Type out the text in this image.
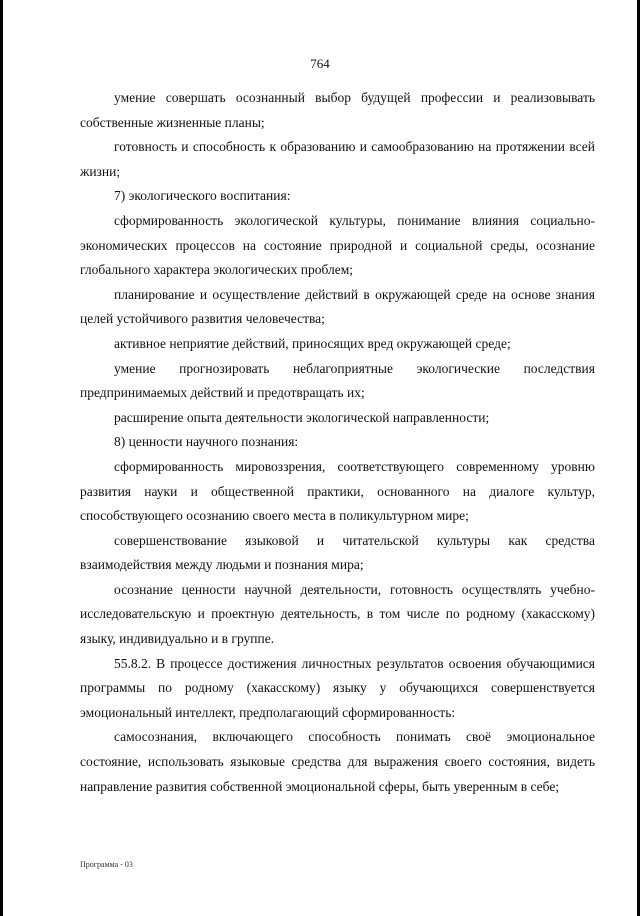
764

умение совершать осознанный выбор будущей профессии и реализовывать собственные жизненные планы;

готовность и способность к образованию и самообразованию на протяжении всей жизни;

7) экологического воспитания:

сформированность экологической культуры, понимание влияния социально-экономических процессов на состояние природной и социальной среды, осознание глобального характера экологических проблем;

планирование и осуществление действий в окружающей среде на основе знания целей устойчивого развития человечества;

активное неприятие действий, приносящих вред окружающей среде;

умение прогнозировать неблагоприятные экологические последствия предпринимаемых действий и предотвращать их;

расширение опыта деятельности экологической направленности;

8) ценности научного познания:

сформированность мировоззрения, соответствующего современному уровню развития науки и общественной практики, основанного на диалоге культур, способствующего осознанию своего места в поликультурном мире;

совершенствование языковой и читательской культуры как средства взаимодействия между людьми и познания мира;

осознание ценности научной деятельности, готовность осуществлять учебно-исследовательскую и проектную деятельность, в том числе по родному (хакасскому) языку, индивидуально и в группе.

55.8.2. В процессе достижения личностных результатов освоения обучающимися программы по родному (хакасскому) языку у обучающихся совершенствуется эмоциональный интеллект, предполагающий сформированность:

самосознания, включающего способность понимать своё эмоциональное состояние, использовать языковые средства для выражения своего состояния, видеть направление развития собственной эмоциональной сферы, быть уверенным в себе;

Программа - 03
